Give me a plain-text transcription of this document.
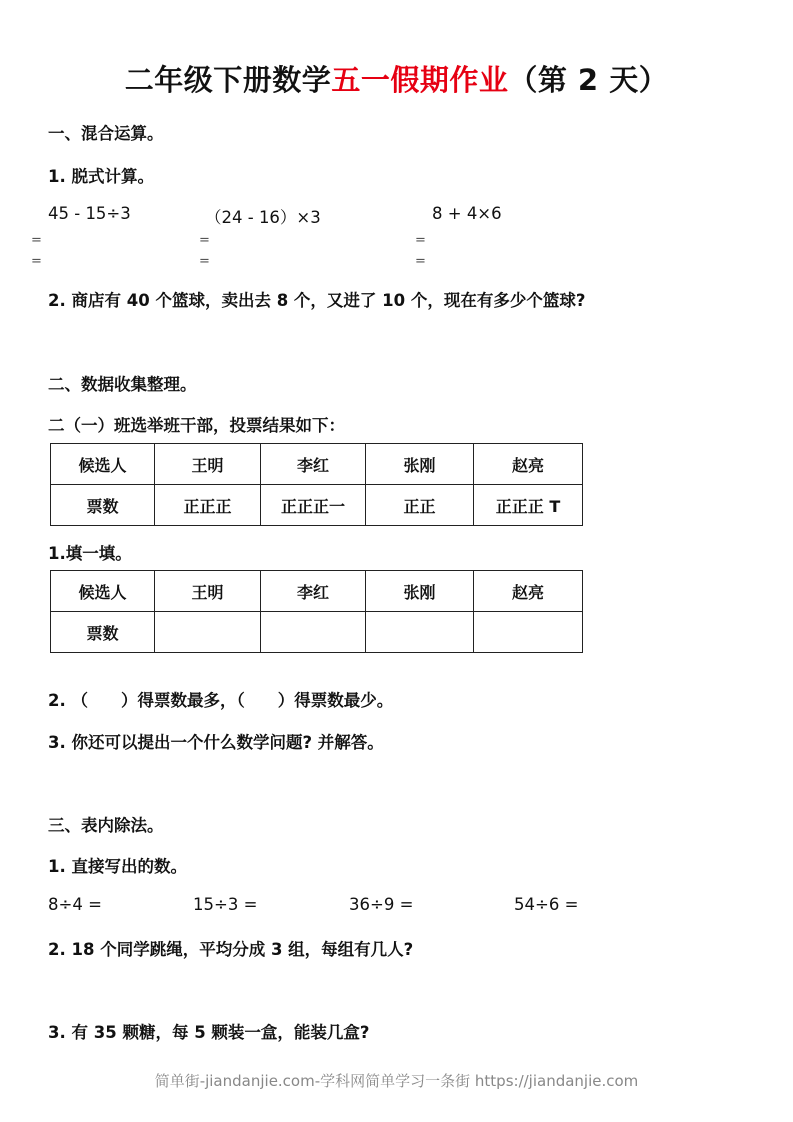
二年级下册数学五一假期作业（第 2 天）
一、混合运算。
1. 脱式计算。
45 - 15÷3	（24 - 16）×3	8 + 4×6
=
=
=
=
=
=
2. 商店有 40 个篮球，卖出去 8 个，又进了 10 个，现在有多少个篮球?
二、数据收集整理。
二（一）班选举班干部，投票结果如下：
候选人	王明	李红	张刚	赵亮
票数	正正正	正正正一	正正	正正正 T
1.填一填。
候选人	王明	李红	张刚	赵亮
票数				
2. （　　）得票数最多，（　　）得票数最少。
3. 你还可以提出一个什么数学问题? 并解答。
三、表内除法。
1. 直接写出的数。
8÷4 =	15÷3 =	36÷9 =	54÷6 =
2. 18 个同学跳绳，平均分成 3 组，每组有几人?
3. 有 35 颗糖，每 5 颗装一盒，能装几盒?
简单街-jiandanjie.com-学科网简单学习一条街 https://jiandanjie.com
